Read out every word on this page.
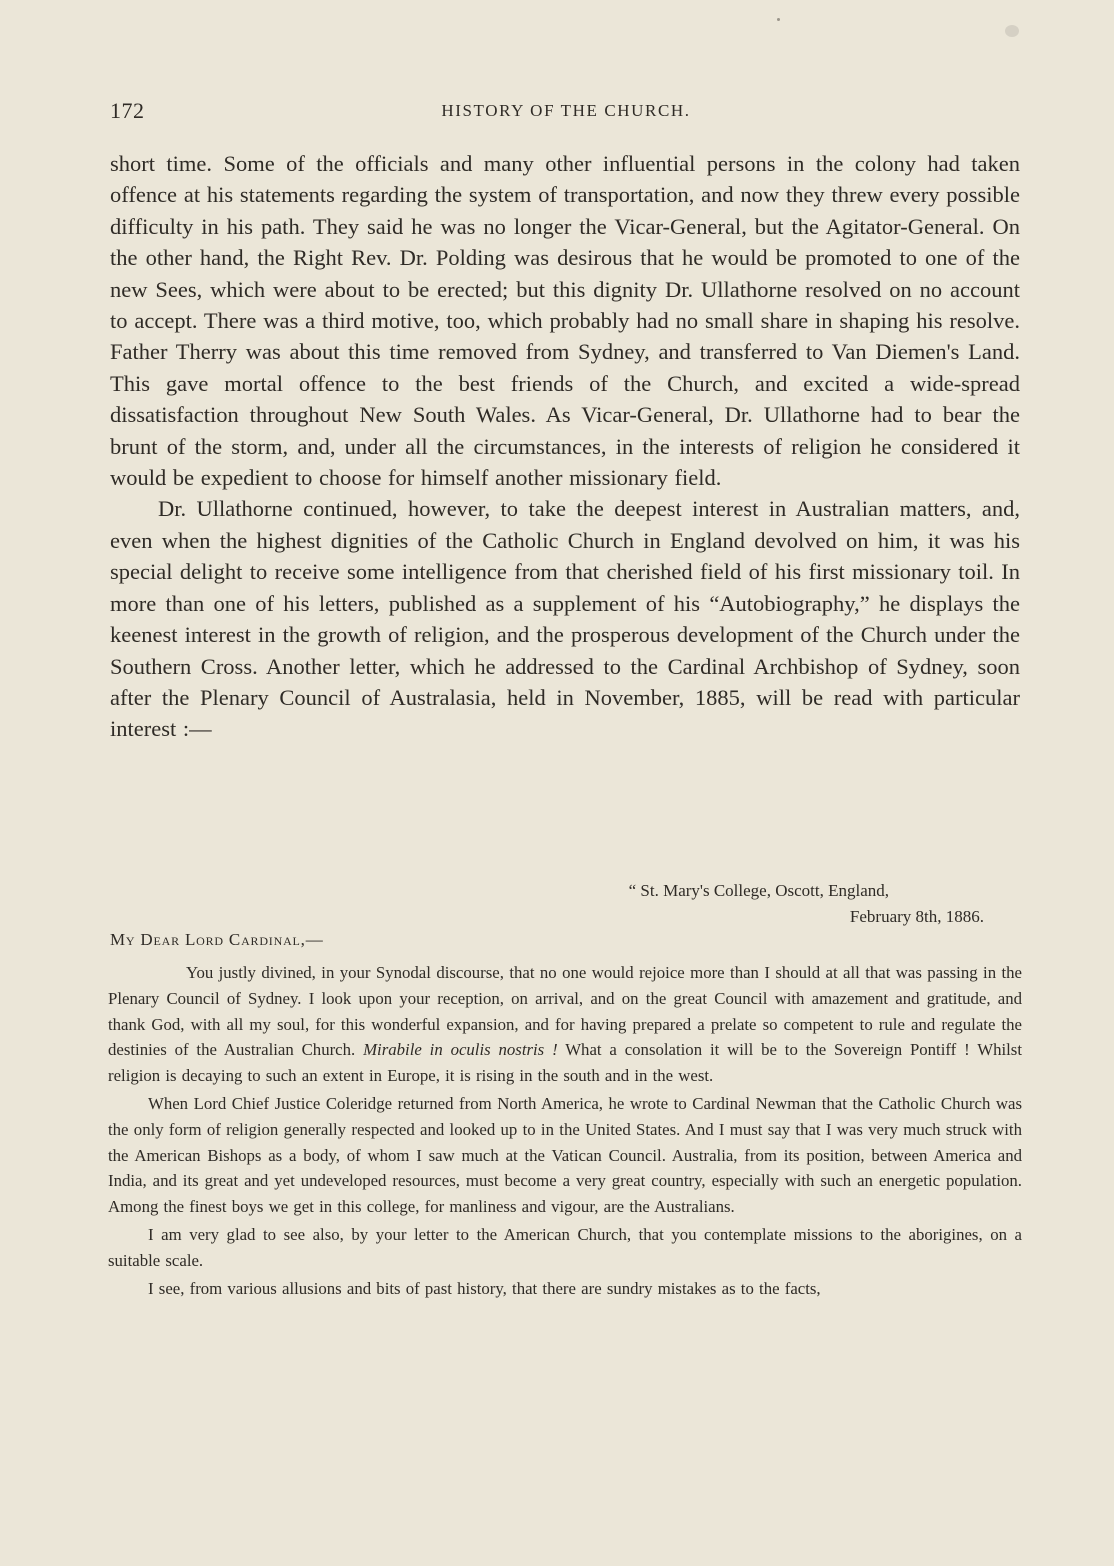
172	HISTORY OF THE CHURCH.

short time. Some of the officials and many other influential persons in the colony had taken offence at his statements regarding the system of transportation, and now they threw every possible difficulty in his path. They said he was no longer the Vicar-General, but the Agitator-General. On the other hand, the Right Rev. Dr. Polding was desirous that he would be promoted to one of the new Sees, which were about to be erected; but this dignity Dr. Ullathorne resolved on no account to accept. There was a third motive, too, which probably had no small share in shaping his resolve. Father Therry was about this time removed from Sydney, and transferred to Van Diemen's Land. This gave mortal offence to the best friends of the Church, and excited a wide-spread dissatisfaction throughout New South Wales. As Vicar-General, Dr. Ullathorne had to bear the brunt of the storm, and, under all the circumstances, in the interests of religion he considered it would be expedient to choose for himself another missionary field.

Dr. Ullathorne continued, however, to take the deepest interest in Australian matters, and, even when the highest dignities of the Catholic Church in England devolved on him, it was his special delight to receive some intelligence from that cherished field of his first missionary toil. In more than one of his letters, published as a supplement of his “Autobiography,” he displays the keenest interest in the growth of religion, and the prosperous development of the Church under the Southern Cross. Another letter, which he addressed to the Cardinal Archbishop of Sydney, soon after the Plenary Council of Australasia, held in November, 1885, will be read with particular interest :—

“ St. Mary's College, Oscott, England,
February 8th, 1886.
My Dear Lord Cardinal,—

You justly divined, in your Synodal discourse, that no one would rejoice more than I should at all that was passing in the Plenary Council of Sydney. I look upon your reception, on arrival, and on the great Council with amazement and gratitude, and thank God, with all my soul, for this wonderful expansion, and for having prepared a prelate so competent to rule and regulate the destinies of the Australian Church. Mirabile in oculis nostris ! What a consolation it will be to the Sovereign Pontiff ! Whilst religion is decaying to such an extent in Europe, it is rising in the south and in the west.

When Lord Chief Justice Coleridge returned from North America, he wrote to Cardinal Newman that the Catholic Church was the only form of religion generally respected and looked up to in the United States. And I must say that I was very much struck with the American Bishops as a body, of whom I saw much at the Vatican Council. Australia, from its position, between America and India, and its great and yet undeveloped resources, must become a very great country, especially with such an energetic population. Among the finest boys we get in this college, for manliness and vigour, are the Australians.

I am very glad to see also, by your letter to the American Church, that you contemplate missions to the aborigines, on a suitable scale.

I see, from various allusions and bits of past history, that there are sundry mistakes as to the facts,
